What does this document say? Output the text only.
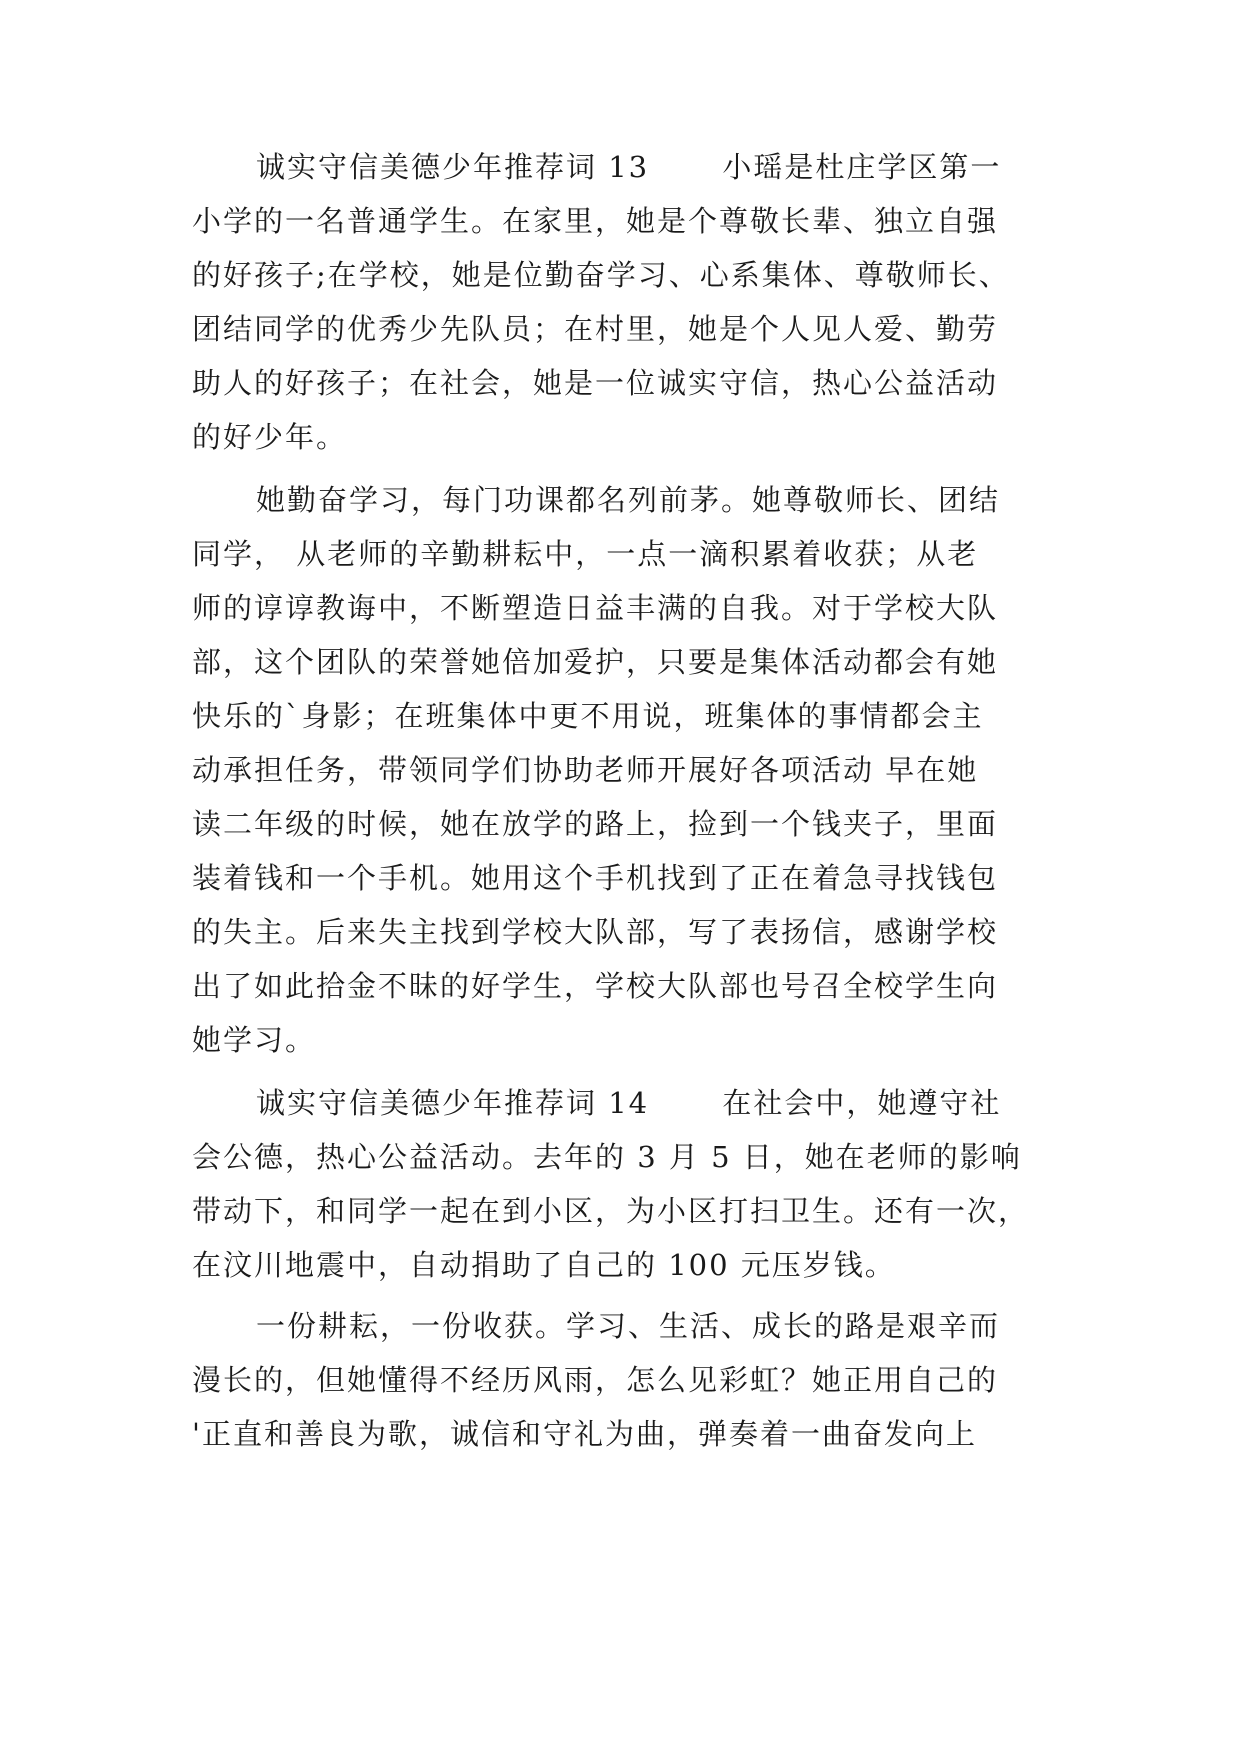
诚实守信美德少年推荐词 13 　　小瑶是杜庄学区第一
小学的一名普通学生。在家里，她是个尊敬长辈、独立自强
的好孩子;在学校，她是位勤奋学习、心系集体、尊敬师长、
团结同学的优秀少先队员；在村里，她是个人见人爱、勤劳
助人的好孩子；在社会，她是一位诚实守信，热心公益活动
的好少年。
她勤奋学习，每门功课都名列前茅。她尊敬师长、团结
同学， 从老师的辛勤耕耘中，一点一滴积累着收获；从老
师的谆谆教诲中，不断塑造日益丰满的自我。对于学校大队
部，这个团队的荣誉她倍加爱护，只要是集体活动都会有她
快乐的`身影；在班集体中更不用说，班集体的事情都会主
动承担任务，带领同学们协助老师开展好各项活动 早在她
读二年级的时候，她在放学的路上，捡到一个钱夹子，里面
装着钱和一个手机。她用这个手机找到了正在着急寻找钱包
的失主。后来失主找到学校大队部，写了表扬信，感谢学校
出了如此拾金不昧的好学生，学校大队部也号召全校学生向
她学习。
诚实守信美德少年推荐词 14 　　在社会中，她遵守社
会公德，热心公益活动。去年的 3 月 5 日，她在老师的影响
带动下，和同学一起在到小区，为小区打扫卫生。还有一次，
在汶川地震中，自动捐助了自己的 100 元压岁钱。
一份耕耘，一份收获。学习、生活、成长的路是艰辛而
漫长的，但她懂得不经历风雨，怎么见彩虹？她正用自己的
'正直和善良为歌，诚信和守礼为曲，弹奏着一曲奋发向上
